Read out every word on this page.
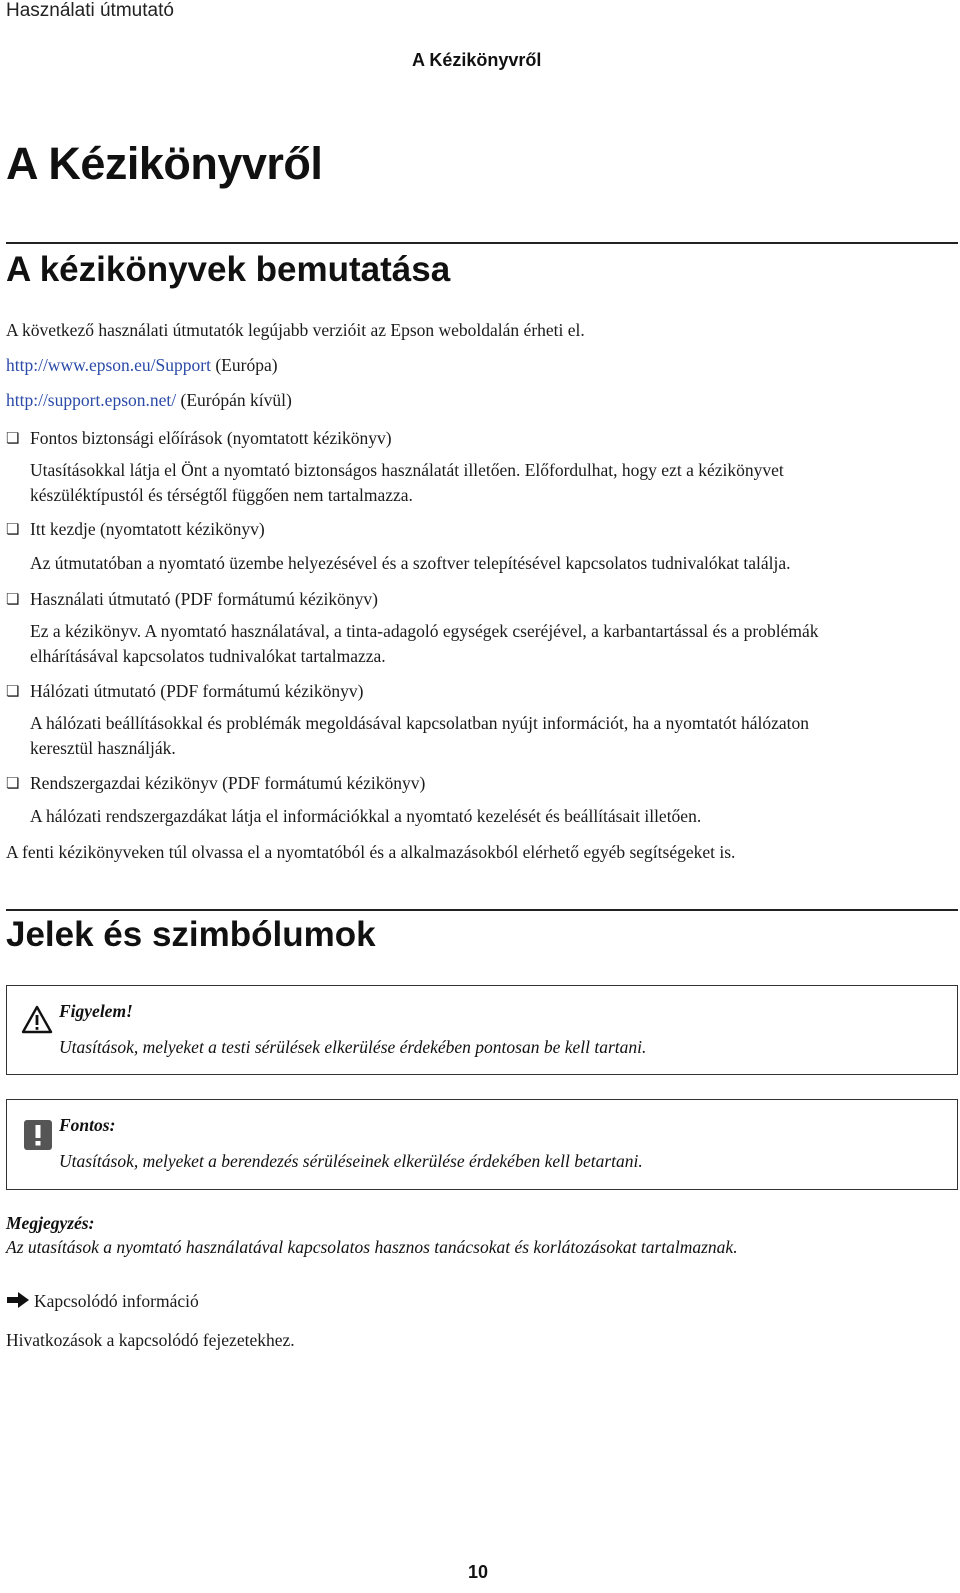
Használati útmutató
A Kézikönyvről
A Kézikönyvről
A kézikönyvek bemutatása
A következő használati útmutatók legújabb verzióit az Epson weboldalán érheti el.
http://www.epson.eu/Support (Európa)
http://support.epson.net/ (Európán kívül)
❏ Fontos biztonsági előírások (nyomtatott kézikönyv)
Utasításokkal látja el Önt a nyomtató biztonságos használatát illetően. Előfordulhat, hogy ezt a kézikönyvet
készüléktípustól és térségtől függően nem tartalmazza.
❏ Itt kezdje (nyomtatott kézikönyv)
Az útmutatóban a nyomtató üzembe helyezésével és a szoftver telepítésével kapcsolatos tudnivalókat találja.
❏ Használati útmutató (PDF formátumú kézikönyv)
Ez a kézikönyv. A nyomtató használatával, a tinta-adagoló egységek cseréjével, a karbantartással és a problémák
elhárításával kapcsolatos tudnivalókat tartalmazza.
❏ Hálózati útmutató (PDF formátumú kézikönyv)
A hálózati beállításokkal és problémák megoldásával kapcsolatban nyújt információt, ha a nyomtatót hálózaton
keresztül használják.
❏ Rendszergazdai kézikönyv (PDF formátumú kézikönyv)
A hálózati rendszergazdákat látja el információkkal a nyomtató kezelését és beállításait illetően.
A fenti kézikönyveken túl olvassa el a nyomtatóból és a alkalmazásokból elérhető egyéb segítségeket is.
Jelek és szimbólumok
Figyelem!
Utasítások, melyeket a testi sérülések elkerülése érdekében pontosan be kell tartani.
Fontos:
Utasítások, melyeket a berendezés sérüléseinek elkerülése érdekében kell betartani.
Megjegyzés:
Az utasítások a nyomtató használatával kapcsolatos hasznos tanácsokat és korlátozásokat tartalmaznak.
Kapcsolódó információ
Hivatkozások a kapcsolódó fejezetekhez.
10
